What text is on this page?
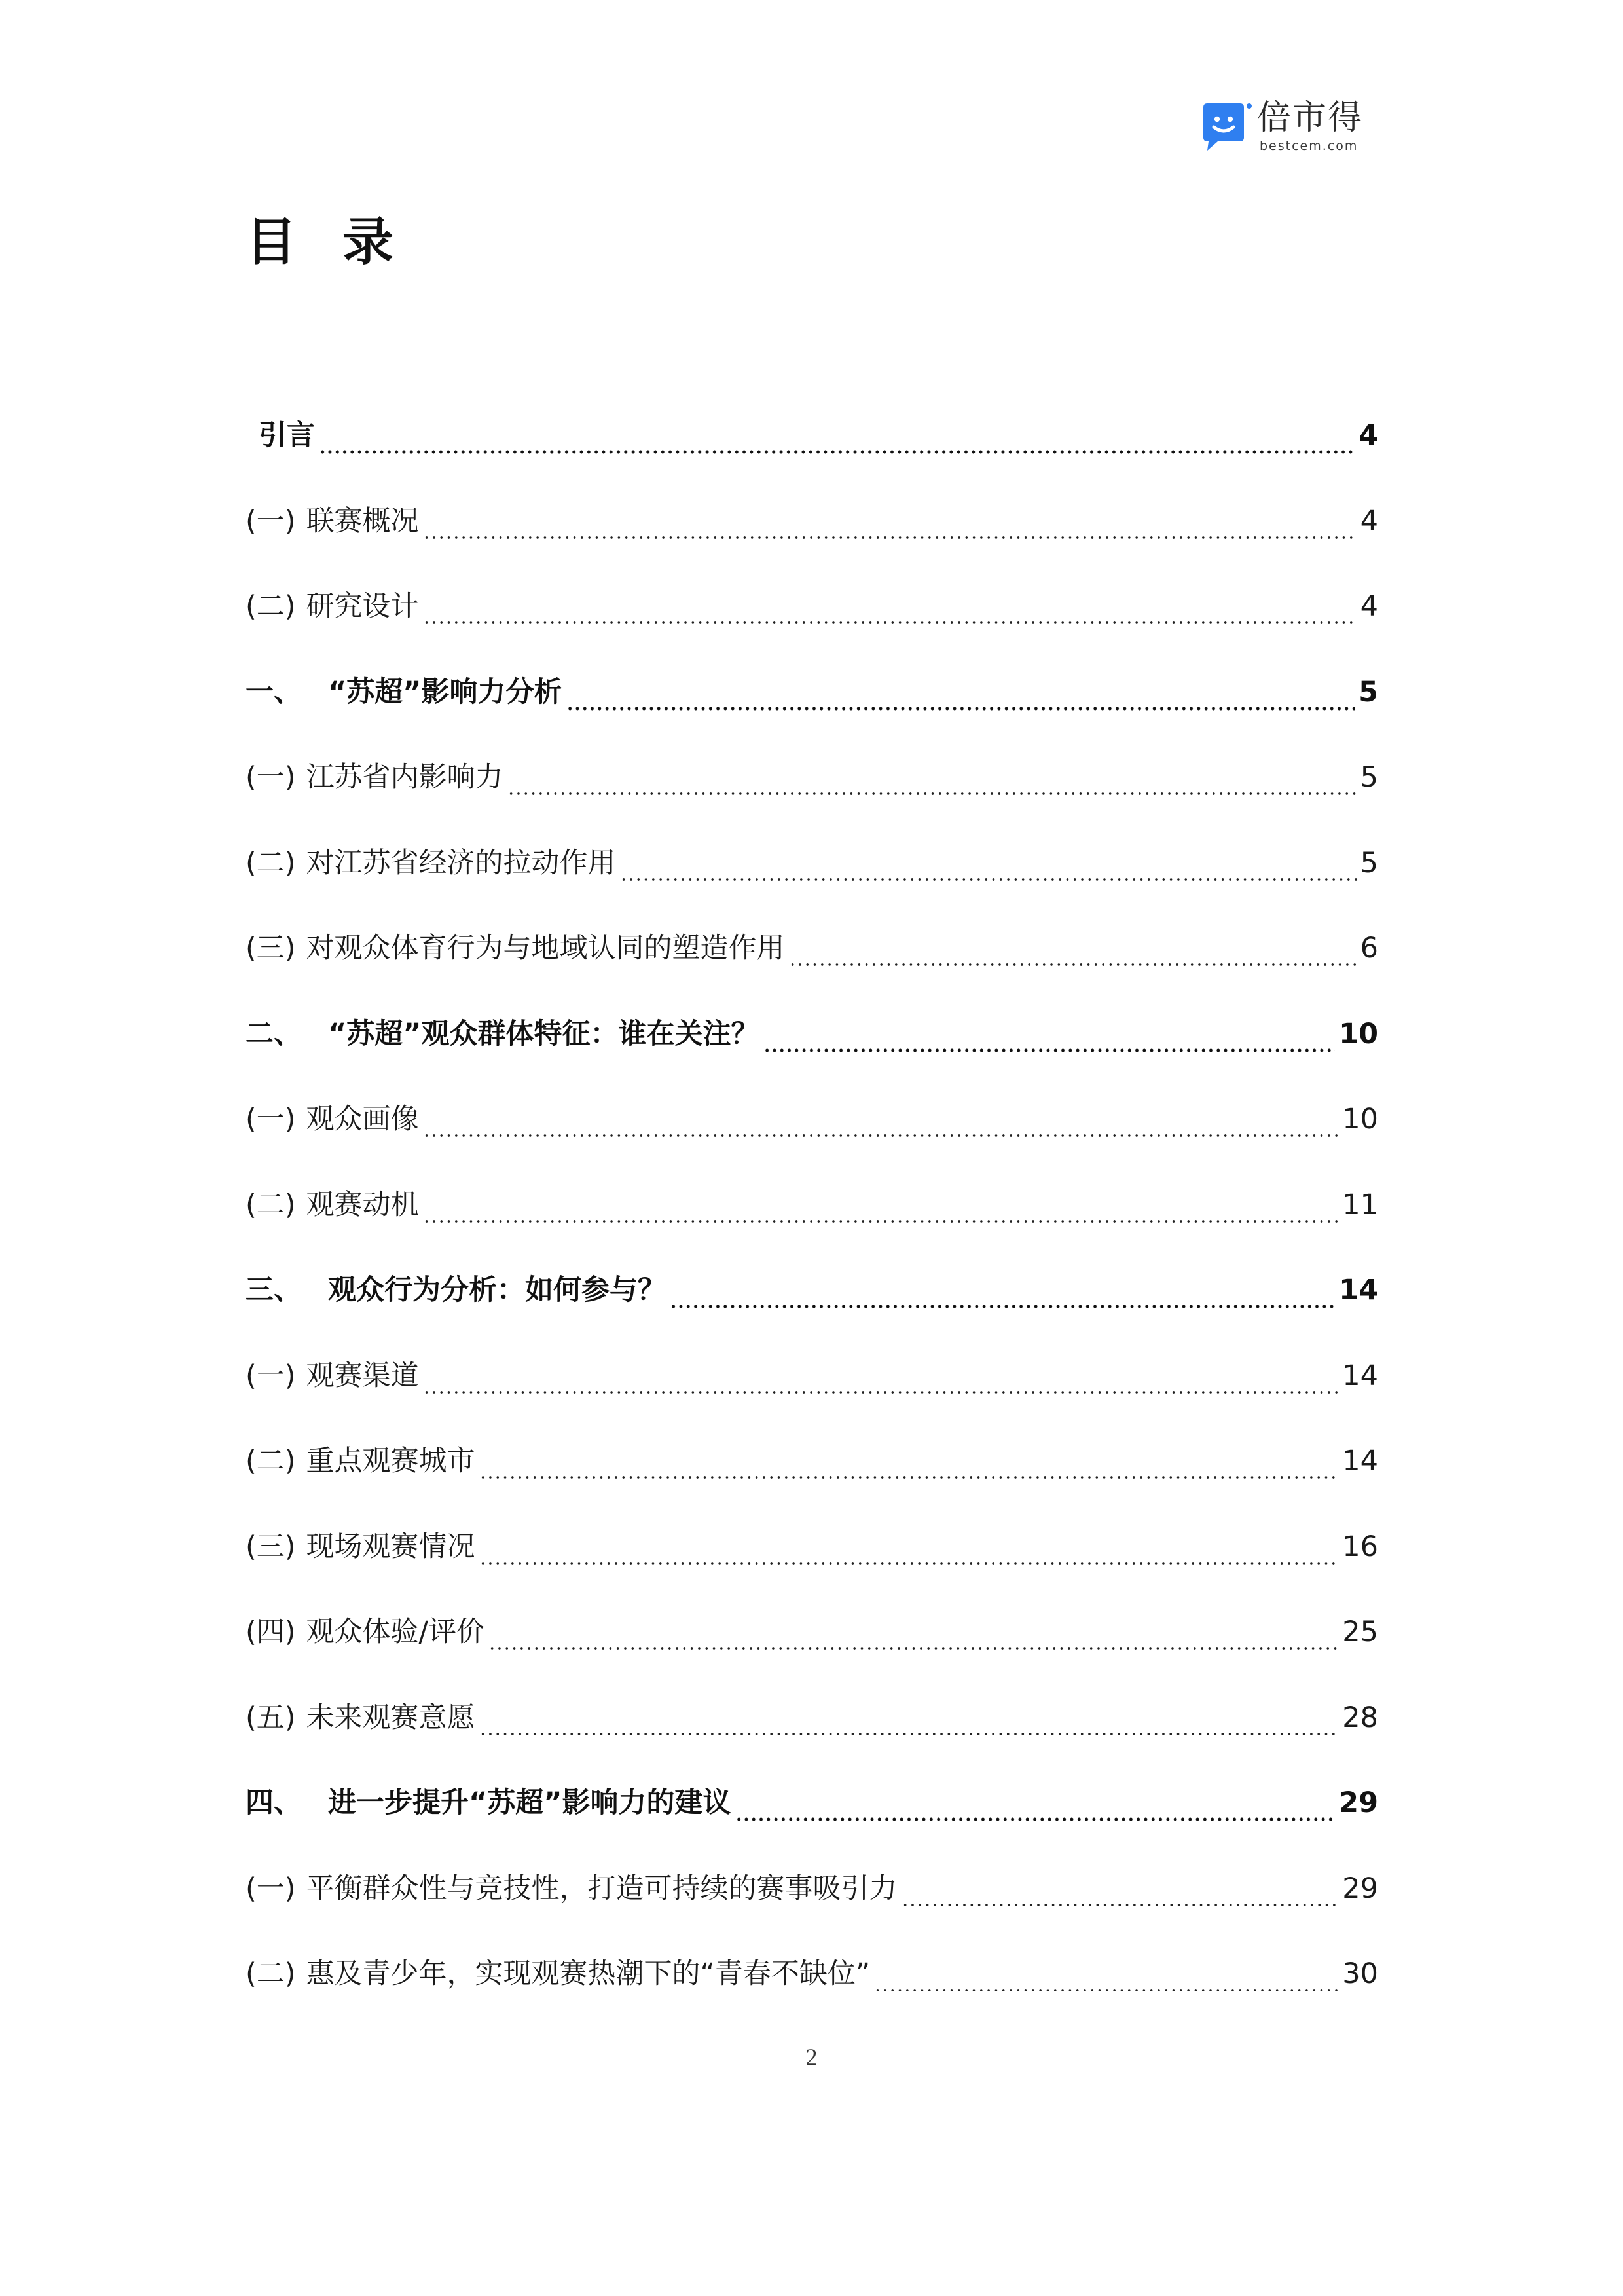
倍市得
bestcem.com
目录
引言	4
(一) 联赛概况	4
(二) 研究设计	4
一、 “苏超”影响力分析	5
(一) 江苏省内影响力	5
(二) 对江苏省经济的拉动作用	5
(三) 对观众体育行为与地域认同的塑造作用	6
二、 “苏超”观众群体特征：谁在关注？	10
(一) 观众画像	10
(二) 观赛动机	11
三、 观众行为分析：如何参与？	14
(一) 观赛渠道	14
(二) 重点观赛城市	14
(三) 现场观赛情况	16
(四) 观众体验/评价	25
(五) 未来观赛意愿	28
四、 进一步提升“苏超”影响力的建议	29
(一) 平衡群众性与竞技性，打造可持续的赛事吸引力	29
(二) 惠及青少年，实现观赛热潮下的“青春不缺位”	30
2
